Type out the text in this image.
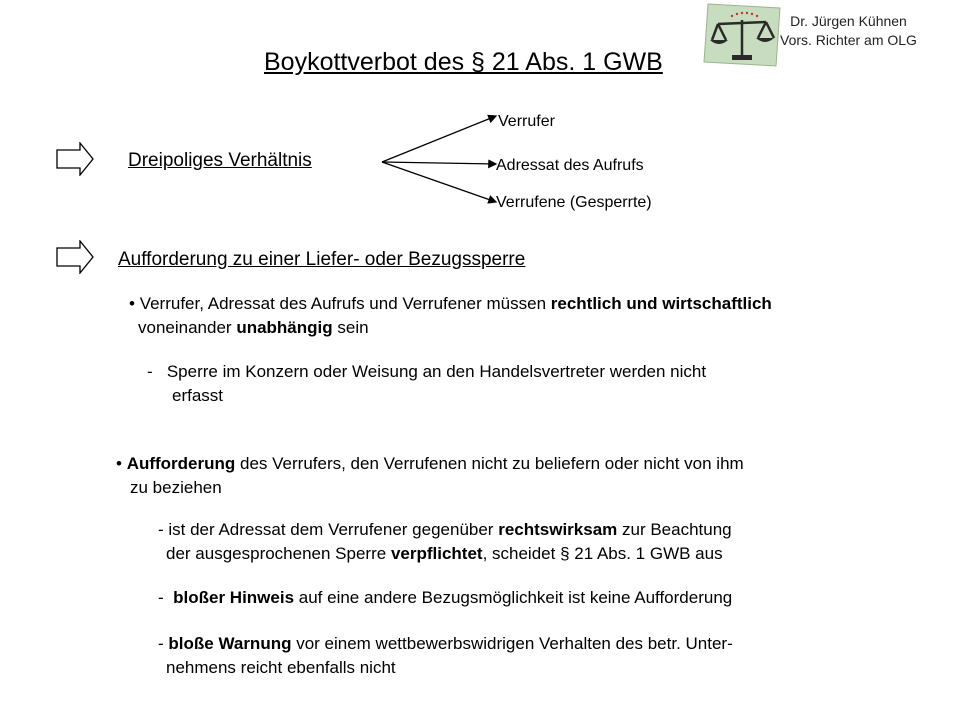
Dr. Jürgen Kühnen
Vors. Richter am OLG
Boykottverbot des § 21 Abs. 1 GWB
Dreipoliges Verhältnis
Verrufer
Adressat des Aufrufs
Verrufene (Gesperrte)
Aufforderung zu einer Liefer- oder Bezugssperre
• Verrufer, Adressat des Aufrufs und Verrufener müssen rechtlich und wirtschaftlich
voneinander unabhängig sein
-   Sperre im Konzern oder Weisung an den Handelsvertreter werden nicht
erfasst
• Aufforderung des Verrufers, den Verrufenen nicht zu beliefern oder nicht von ihm
zu beziehen
- ist der Adressat dem Verrufener gegenüber rechtswirksam zur Beachtung
der ausgesprochenen Sperre verpflichtet, scheidet § 21 Abs. 1 GWB aus
-  bloßer Hinweis auf eine andere Bezugsmöglichkeit ist keine Aufforderung
- bloße Warnung vor einem wettbewerbswidrigen Verhalten des betr. Unter-
nehmens reicht ebenfalls nicht
